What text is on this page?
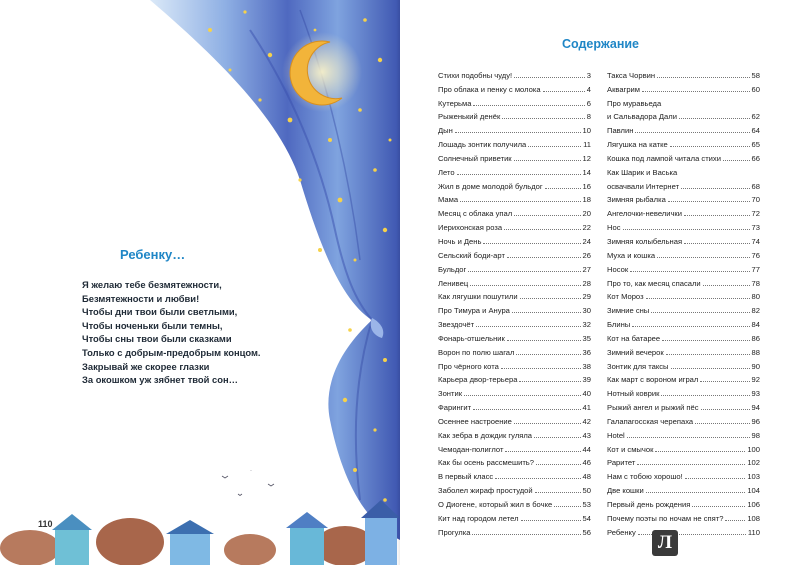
Ребенку…
Я желаю тебе безмятежности,
Безмятежности и любви!
Чтобы дни твои были светлыми,
Чтобы ноченьки были темны,
Чтобы сны твои были сказками
Только с добрым-предобрым концом.
Закрывай же скорее глазки
За окошком уж зябнет твой сон…
110
Содержание
Стихи подобны чуду!	3
Про облака и пенку с молока	4
Кутерьма	6
Рыженький денёк	8
Дын	10
Лошадь зонтик получила	11
Солнечный приветик	12
Лето	14
Жил в доме молодой бульдог	16
Мама	18
Месяц с облака упал	20
Иерихонская роза	22
Ночь и День	24
Сельский боди-арт	26
Бульдог	27
Ленивец	28
Как лягушки пошутили	29
Про Тимура и Анура	30
Звездочёт	32
Фонарь-отшельник	35
Ворон по полю шагал	36
Про чёрного кота	38
Карьера двор-терьера	39
Зонтик	40
Фарингит	41
Осеннее настроение	42
Как зебра в дождик гуляла	43
Чемодан-полиглот	44
Как бы осень рассмешить?	46
В первый класс	48
Заболел жираф простудой	50
О Диогене, который жил в бочке	53
Кит над городом летел	54
Прогулка	56
Такса Чорвин	58
Аквагрим	60
Про муравьеда
и Сальвадора Дали	62
Павлин	64
Лягушка на катке	65
Кошка под лампой читала стихи	66
Как Шарик и Васька
освачвали Интернет	68
Зимняя рыбалка	70
Ангелочки-невелички	72
Нос	73
Зимняя колыбельная	74
Муха и кошка	76
Носок	77
Про то, как месяц спасали	78
Кот Мороз	80
Зимние сны	82
Блины	84
Кот на батарее	86
Зимний вечерок	88
Зонтик для таксы	90
Как март с вороном играл	92
Нотный коврик	93
Рыжий ангел и рыжий пёс	94
Галапагосская черепаха	96
Hotel	98
Кот и смычок	100
Раритет	102
Нам с тобою хорошо!	103
Две кошки	104
Первый день рождения	106
Почему поэты по ночам не спят?	108
Ребенку	110
Л
